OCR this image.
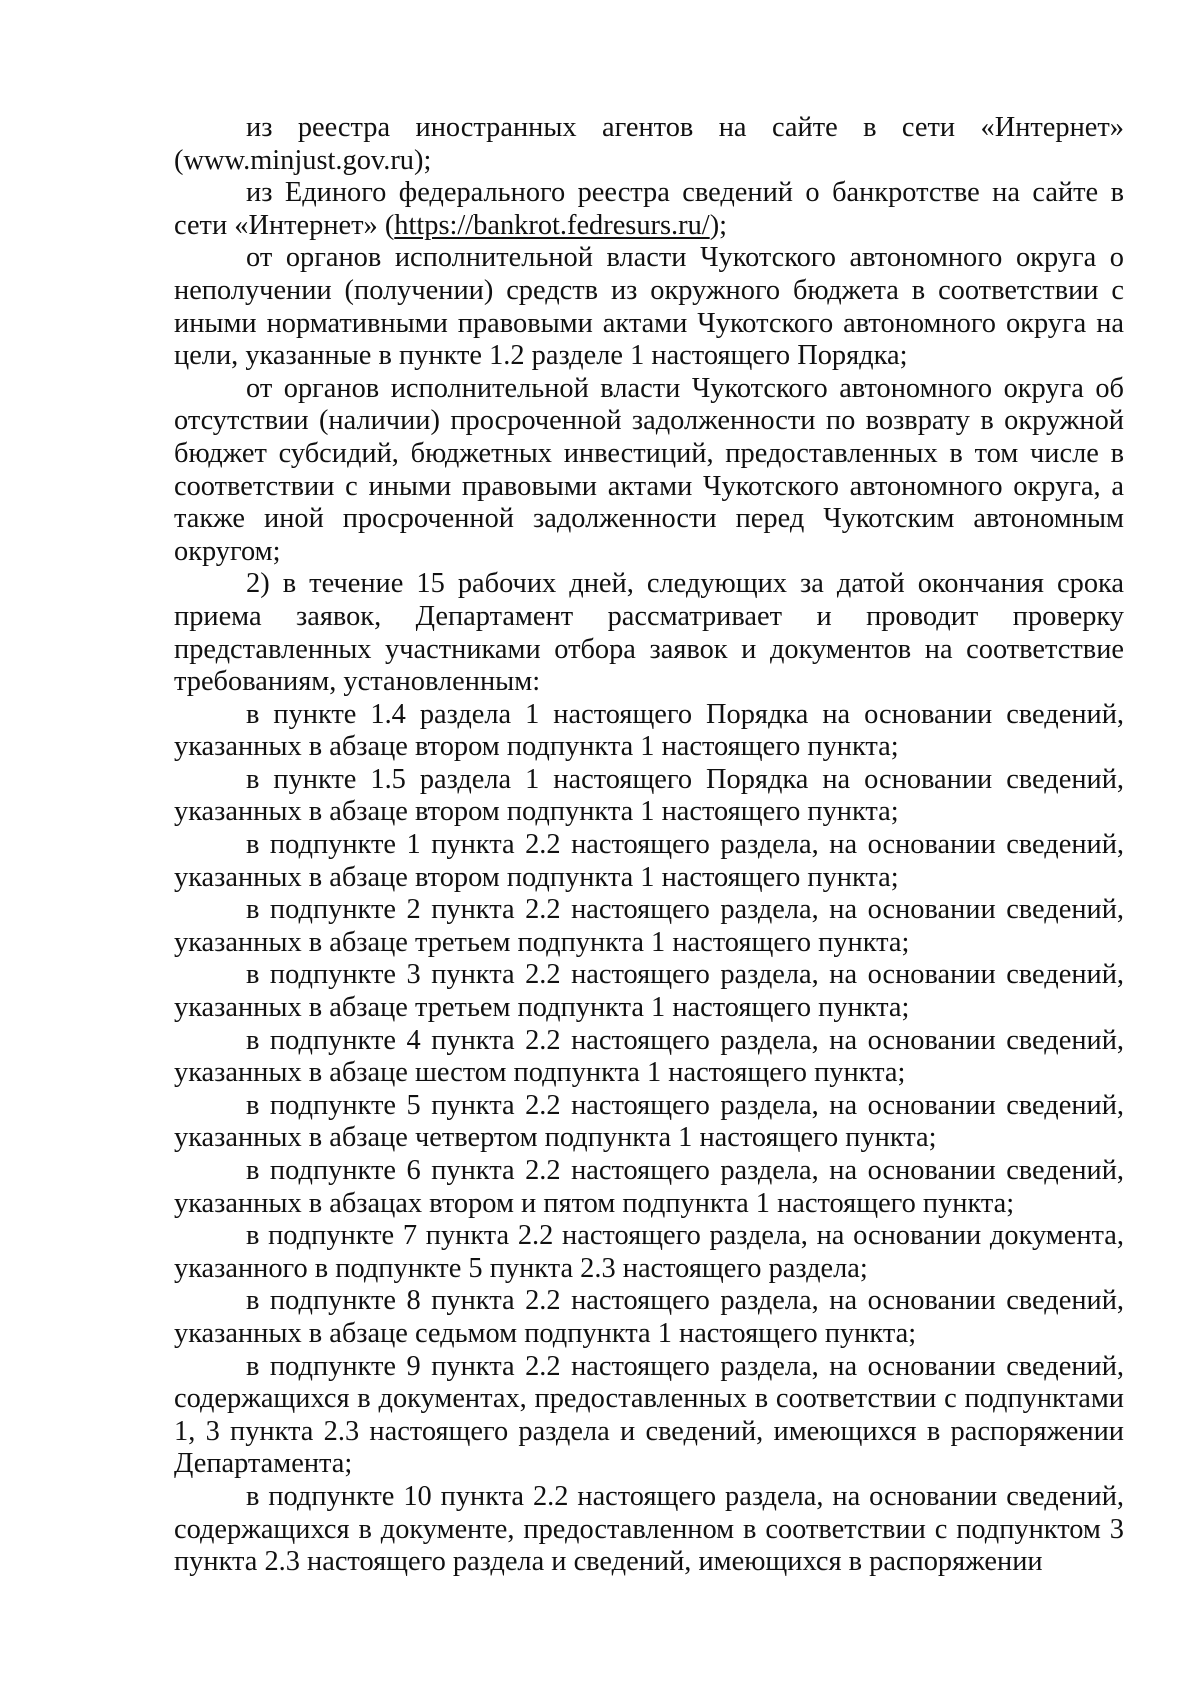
из реестра иностранных агентов на сайте в сети «Интернет» (www.minjust.gov.ru);

из Единого федерального реестра сведений о банкротстве на сайте в сети «Интернет» (https://bankrot.fedresurs.ru/);

от органов исполнительной власти Чукотского автономного округа о неполучении (получении) средств из окружного бюджета в соответствии с иными нормативными правовыми актами Чукотского автономного округа на цели, указанные в пункте 1.2 разделе 1 настоящего Порядка;

от органов исполнительной власти Чукотского автономного округа об отсутствии (наличии) просроченной задолженности по возврату в окружной бюджет субсидий, бюджетных инвестиций, предоставленных в том числе в соответствии с иными правовыми актами Чукотского автономного округа, а также иной просроченной задолженности перед Чукотским автономным округом;

2) в течение 15 рабочих дней, следующих за датой окончания срока приема заявок, Департамент рассматривает и проводит проверку представленных участниками отбора заявок и документов на соответствие требованиям, установленным:

в пункте 1.4 раздела 1 настоящего Порядка на основании сведений, указанных в абзаце втором подпункта 1 настоящего пункта;

в пункте 1.5 раздела 1 настоящего Порядка на основании сведений, указанных в абзаце втором подпункта 1 настоящего пункта;

в подпункте 1 пункта 2.2 настоящего раздела, на основании сведений, указанных в абзаце втором подпункта 1 настоящего пункта;

в подпункте 2 пункта 2.2 настоящего раздела, на основании сведений, указанных в абзаце третьем подпункта 1 настоящего пункта;

в подпункте 3 пункта 2.2 настоящего раздела, на основании сведений, указанных в абзаце третьем подпункта 1 настоящего пункта;

в подпункте 4 пункта 2.2 настоящего раздела, на основании сведений, указанных в абзаце шестом подпункта 1 настоящего пункта;

в подпункте 5 пункта 2.2 настоящего раздела, на основании сведений, указанных в абзаце четвертом подпункта 1 настоящего пункта;

в подпункте 6 пункта 2.2 настоящего раздела, на основании сведений, указанных в абзацах втором и пятом подпункта 1 настоящего пункта;

в подпункте 7 пункта 2.2 настоящего раздела, на основании документа, указанного в подпункте 5 пункта 2.3 настоящего раздела;

в подпункте 8 пункта 2.2 настоящего раздела, на основании сведений, указанных в абзаце седьмом подпункта 1 настоящего пункта;

в подпункте 9 пункта 2.2 настоящего раздела, на основании сведений, содержащихся в документах, предоставленных в соответствии с подпунктами 1, 3 пункта 2.3 настоящего раздела и сведений, имеющихся в распоряжении Департамента;

в подпункте 10 пункта 2.2 настоящего раздела, на основании сведений, содержащихся в документе, предоставленном в соответствии с подпунктом 3 пункта 2.3 настоящего раздела и сведений, имеющихся в распоряжении
